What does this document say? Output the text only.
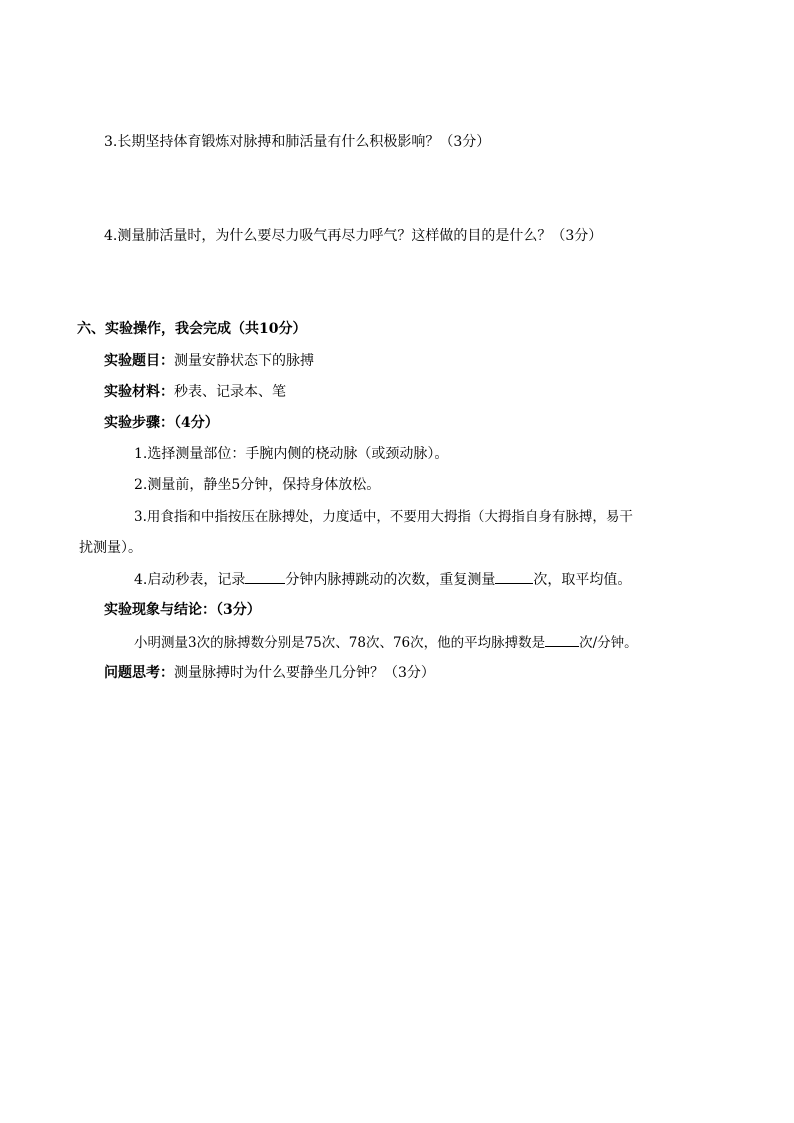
3.长期坚持体育锻炼对脉搏和肺活量有什么积极影响？（3分）
4.测量肺活量时，为什么要尽力吸气再尽力呼气？这样做的目的是什么？（3分）
六、实验操作，我会完成（共10分）
实验题目：测量安静状态下的脉搏
实验材料：秒表、记录本、笔
实验步骤：（4分）
1.选择测量部位：手腕内侧的桡动脉（或颈动脉）。
2.测量前，静坐5分钟，保持身体放松。
3.用食指和中指按压在脉搏处，力度适中，不要用大拇指（大拇指自身有脉搏，易干
扰测量）。
4.启动秒表，记录	分钟内脉搏跳动的次数，重复测量	次，取平均值。
实验现象与结论：（3分）
小明测量3次的脉搏数分别是75次、78次、76次，他的平均脉搏数是	次/分钟。
问题思考：测量脉搏时为什么要静坐几分钟？（3分）
